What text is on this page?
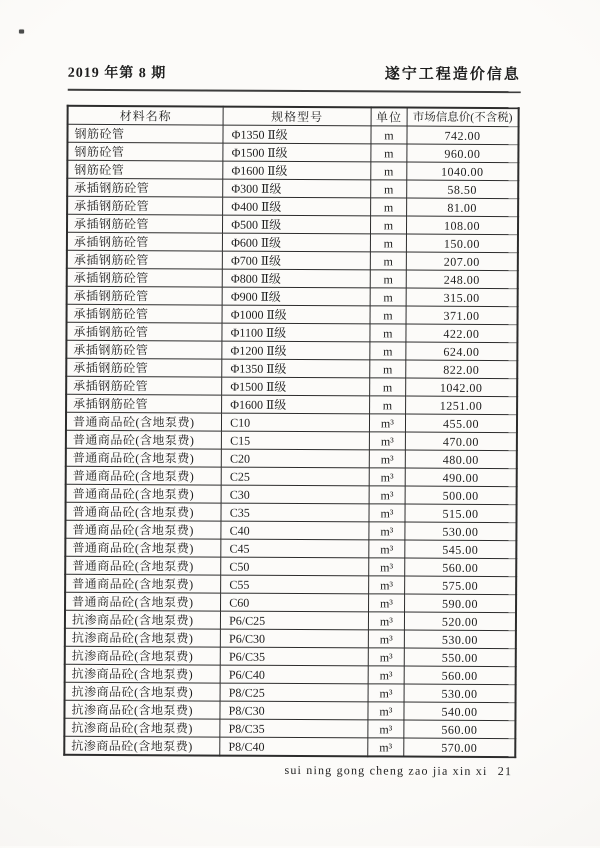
2019 年第 8 期	遂宁工程造价信息
材料名称	规格型号	单位	市场信息价(不含税)
钢筋砼管	Φ1350 Ⅱ级	m	742.00
钢筋砼管	Φ1500 Ⅱ级	m	960.00
钢筋砼管	Φ1600 Ⅱ级	m	1040.00
承插钢筋砼管	Φ300 Ⅱ级	m	58.50
承插钢筋砼管	Φ400 Ⅱ级	m	81.00
承插钢筋砼管	Φ500 Ⅱ级	m	108.00
承插钢筋砼管	Φ600 Ⅱ级	m	150.00
承插钢筋砼管	Φ700 Ⅱ级	m	207.00
承插钢筋砼管	Φ800 Ⅱ级	m	248.00
承插钢筋砼管	Φ900 Ⅱ级	m	315.00
承插钢筋砼管	Φ1000 Ⅱ级	m	371.00
承插钢筋砼管	Φ1100 Ⅱ级	m	422.00
承插钢筋砼管	Φ1200 Ⅱ级	m	624.00
承插钢筋砼管	Φ1350 Ⅱ级	m	822.00
承插钢筋砼管	Φ1500 Ⅱ级	m	1042.00
承插钢筋砼管	Φ1600 Ⅱ级	m	1251.00
普通商品砼(含地泵费)	C10	m³	455.00
普通商品砼(含地泵费)	C15	m³	470.00
普通商品砼(含地泵费)	C20	m³	480.00
普通商品砼(含地泵费)	C25	m³	490.00
普通商品砼(含地泵费)	C30	m³	500.00
普通商品砼(含地泵费)	C35	m³	515.00
普通商品砼(含地泵费)	C40	m³	530.00
普通商品砼(含地泵费)	C45	m³	545.00
普通商品砼(含地泵费)	C50	m³	560.00
普通商品砼(含地泵费)	C55	m³	575.00
普通商品砼(含地泵费)	C60	m³	590.00
抗渗商品砼(含地泵费)	P6/C25	m³	520.00
抗渗商品砼(含地泵费)	P6/C30	m³	530.00
抗渗商品砼(含地泵费)	P6/C35	m³	550.00
抗渗商品砼(含地泵费)	P6/C40	m³	560.00
抗渗商品砼(含地泵费)	P8/C25	m³	530.00
抗渗商品砼(含地泵费)	P8/C30	m³	540.00
抗渗商品砼(含地泵费)	P8/C35	m³	560.00
抗渗商品砼(含地泵费)	P8/C40	m³	570.00
sui ning gong cheng zao jia xin xi 21
